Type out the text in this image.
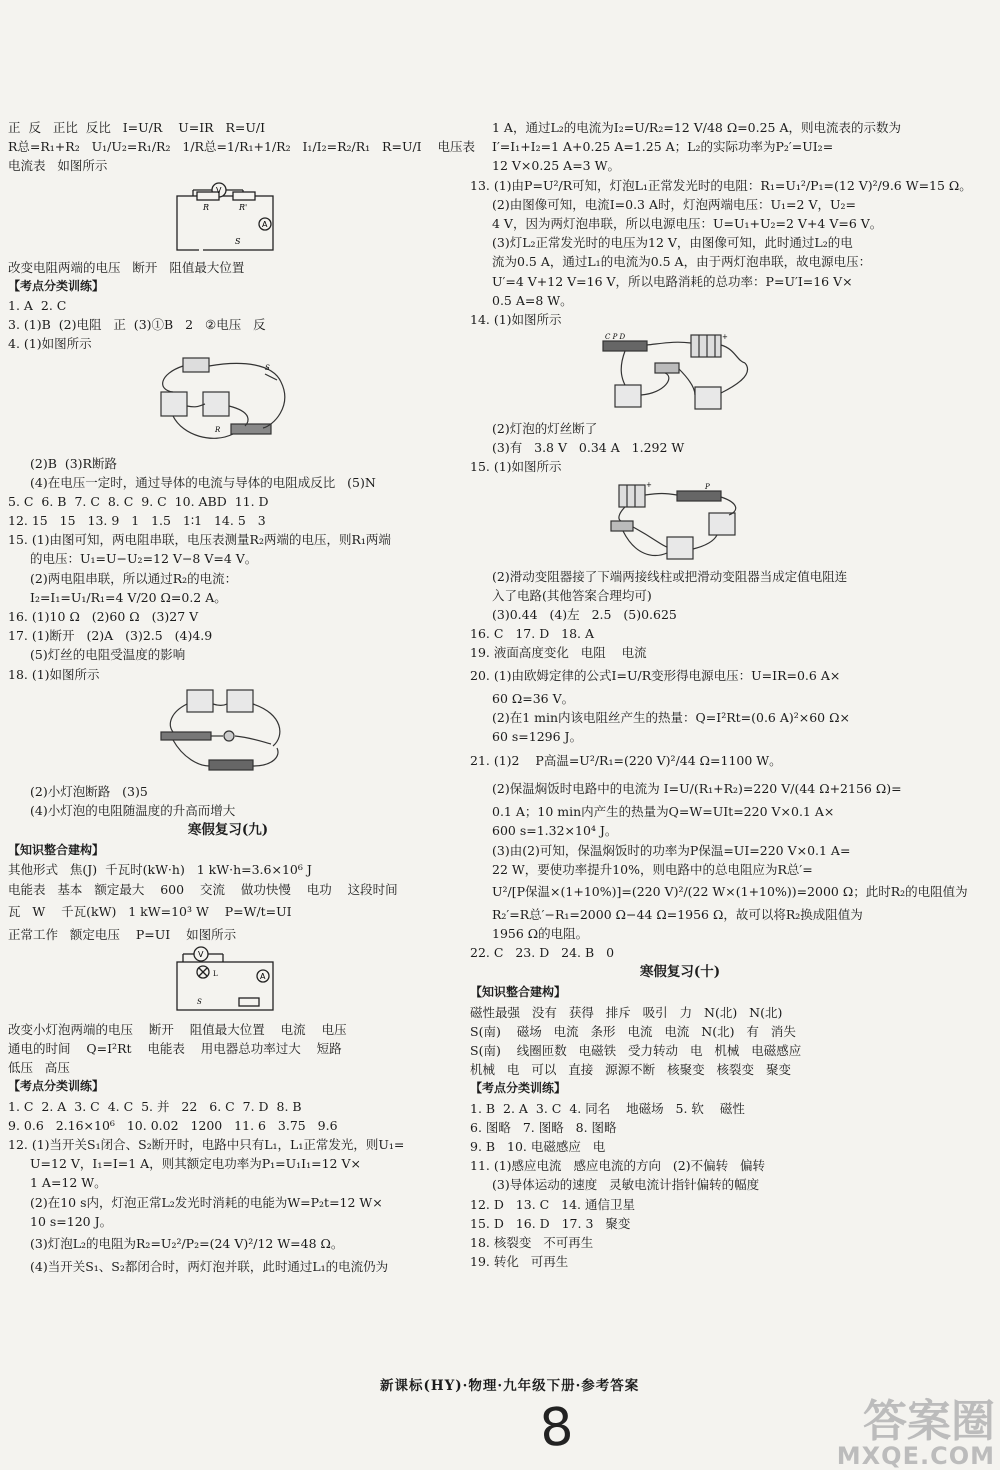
正  反   正比  反比   I=U/R    U=IR   R=U/I
R总=R₁+R₂   U₁/U₂=R₁/R₂   1/R总=1/R₁+1/R₂   I₁/I₂=R₂/R₁   R=U/I    电压表
电流表   如图所示
V
A
R	R'
S
改变电阻两端的电压   断开   阻值最大位置
【考点分类训练】
1. A  2. C
3. (1)B  (2)电阻   正  (3)①B   2   ②电压   反
4. (1)如图所示
S
R
(2)B  (3)R断路
(4)在电压一定时，通过导体的电流与导体的电阻成反比   (5)N
5. C  6. B  7. C  8. C  9. C  10. ABD  11. D
12. 15   15   13. 9   1   1.5   1∶1   14. 5   3
15. (1)由图可知，两电阻串联，电压表测量R₂两端的电压，则R₁两端
的电压：U₁=U−U₂=12 V−8 V=4 V。
(2)两电阻串联，所以通过R₂的电流：
I₂=I₁=U₁/R₁=4 V/20 Ω=0.2 A。
16. (1)10 Ω   (2)60 Ω   (3)27 V
17. (1)断开   (2)A   (3)2.5   (4)4.9
(5)灯丝的电阻受温度的影响
18. (1)如图所示
(2)小灯泡断路   (3)5
(4)小灯泡的电阻随温度的升高而增大
寒假复习(九)
【知识整合建构】
其他形式   焦(J)  千瓦时(kW·h)   1 kW·h=3.6×10⁶ J
电能表   基本   额定最大    600    交流    做功快慢    电功    这段时间
瓦   W    千瓦(kW)   1 kW=10³ W    P=W/t=UI
正常工作   额定电压    P=UI    如图所示
V
A
L
S
改变小灯泡两端的电压    断开    阻值最大位置    电流    电压
通电的时间    Q=I²Rt    电能表    用电器总功率过大    短路
低压   高压
【考点分类训练】
1. C  2. A  3. C  4. C  5. 并   22   6. C  7. D  8. B
9. 0.6   2.16×10⁶   10. 0.02   1200   11. 6   3.75   9.6
12. (1)当开关S₁闭合、S₂断开时，电路中只有L₁，L₁正常发光，则U₁=
U=12 V，I₁=I=1 A，则其额定电功率为P₁=U₁I₁=12 V×
1 A=12 W。
(2)在10 s内，灯泡正常L₂发光时消耗的电能为W=P₂t=12 W×
10 s=120 J。
(3)灯泡L₂的电阻为R₂=U₂²/P₂=(24 V)²/12 W=48 Ω。
(4)当开关S₁、S₂都闭合时，两灯泡并联，此时通过L₁的电流仍为
1 A，通过L₂的电流为I₂=U/R₂=12 V/48 Ω=0.25 A，则电流表的示数为
I′=I₁+I₂=1 A+0.25 A=1.25 A；L₂的实际功率为P₂′=UI₂=
12 V×0.25 A=3 W。
13. (1)由P=U²/R可知，灯泡L₁正常发光时的电阻：R₁=U₁²/P₁=(12 V)²/9.6 W=15 Ω。
(2)由图像可知，电流I=0.3 A时，灯泡两端电压：U₁=2 V，U₂=
4 V，因为两灯泡串联，所以电源电压：U=U₁+U₂=2 V+4 V=6 V。
(3)灯L₂正常发光时的电压为12 V，由图像可知，此时通过L₂的电
流为0.5 A，通过L₁的电流为0.5 A，由于两灯泡串联，故电源电压：
U′=4 V+12 V=16 V，所以电路消耗的总功率：P=U′I=16 V×
0.5 A=8 W。
14. (1)如图所示
C P D	+
(2)灯泡的灯丝断了
(3)有   3.8 V   0.34 A   1.292 W
15. (1)如图所示
+	P
(2)滑动变阻器接了下端两接线柱或把滑动变阻器当成定值电阻连
入了电路(其他答案合理均可)
(3)0.44   (4)左   2.5   (5)0.625
16. C   17. D   18. A
19. 液面高度变化   电阻    电流
20. (1)由欧姆定律的公式I=U/R变形得电源电压：U=IR=0.6 A×
60 Ω=36 V。
(2)在1 min内该电阻丝产生的热量：Q=I²Rt=(0.6 A)²×60 Ω×
60 s=1296 J。
21. (1)2    P高温=U²/R₁=(220 V)²/44 Ω=1100 W。
(2)保温焖饭时电路中的电流为 I=U/(R₁+R₂)=220 V/(44 Ω+2156 Ω)=
0.1 A；10 min内产生的热量为Q=W=UIt=220 V×0.1 A×
600 s=1.32×10⁴ J。
(3)由(2)可知，保温焖饭时的功率为P保温=UI=220 V×0.1 A=
22 W，要使功率提升10%，则电路中的总电阻应为R总′=
U²/[P保温×(1+10%)]=(220 V)²/(22 W×(1+10%))=2000 Ω；此时R₂的电阻值为
R₂′=R总′−R₁=2000 Ω−44 Ω=1956 Ω，故可以将R₂换成阻值为
1956 Ω的电阻。
22. C   23. D   24. B   0
寒假复习(十)
【知识整合建构】
磁性最强   没有   获得   排斥   吸引   力   N(北)   N(北)
S(南)    磁场   电流   条形   电流   电流   N(北)   有   消失
S(南)    线圈匝数   电磁铁   受力转动   电   机械   电磁感应
机械   电   可以   直接   源源不断   核聚变   核裂变   聚变
【考点分类训练】
1. B  2. A  3. C  4. 同名    地磁场   5. 软    磁性
6. 图略   7. 图略   8. 图略
9. B   10. 电磁感应   电
11. (1)感应电流   感应电流的方向   (2)不偏转   偏转
(3)导体运动的速度   灵敏电流计指针偏转的幅度
12. D   13. C   14. 通信卫星
15. D   16. D   17. 3   聚变
18. 核裂变   不可再生
19. 转化   可再生
新课标(HY)·物理·九年级下册·参考答案
8	答案圈
MXQE.COM
